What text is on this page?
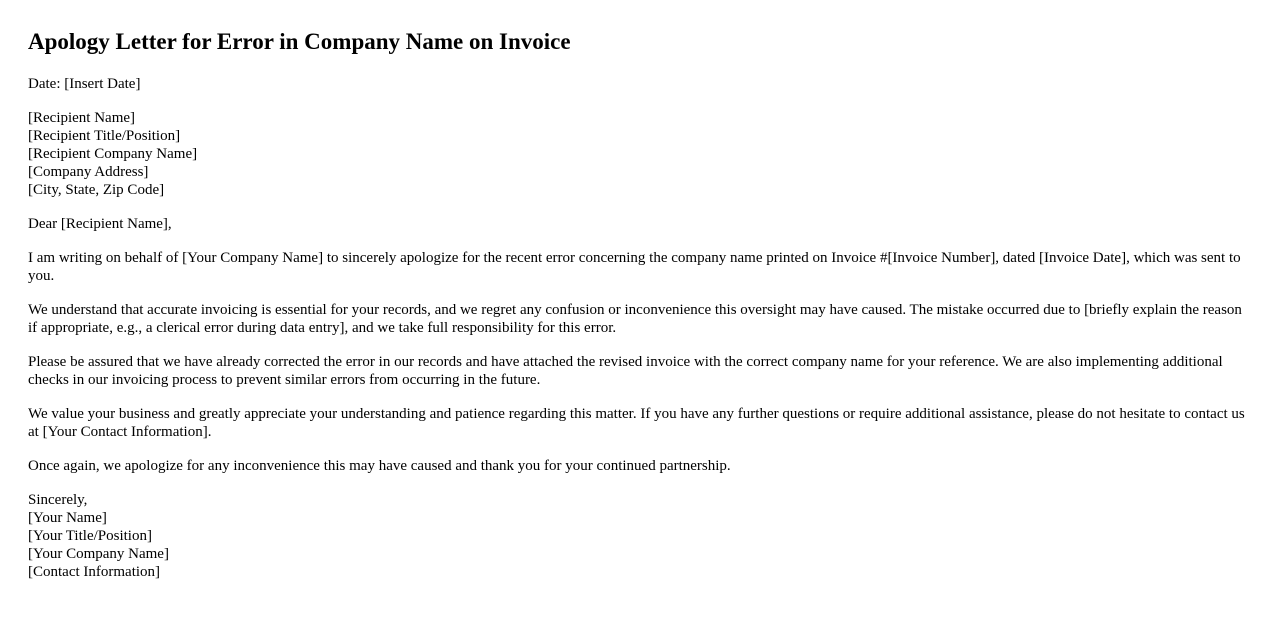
Apology Letter for Error in Company Name on Invoice

Date: [Insert Date]

[Recipient Name]
[Recipient Title/Position]
[Recipient Company Name]
[Company Address]
[City, State, Zip Code]

Dear [Recipient Name],

I am writing on behalf of [Your Company Name] to sincerely apologize for the recent error concerning the company name printed on Invoice #[Invoice Number], dated [Invoice Date], which was sent to you.

We understand that accurate invoicing is essential for your records, and we regret any confusion or inconvenience this oversight may have caused. The mistake occurred due to [briefly explain the reason if appropriate, e.g., a clerical error during data entry], and we take full responsibility for this error.

Please be assured that we have already corrected the error in our records and have attached the revised invoice with the correct company name for your reference. We are also implementing additional checks in our invoicing process to prevent similar errors from occurring in the future.

We value your business and greatly appreciate your understanding and patience regarding this matter. If you have any further questions or require additional assistance, please do not hesitate to contact us at [Your Contact Information].

Once again, we apologize for any inconvenience this may have caused and thank you for your continued partnership.

Sincerely,
[Your Name]
[Your Title/Position]
[Your Company Name]
[Contact Information]
